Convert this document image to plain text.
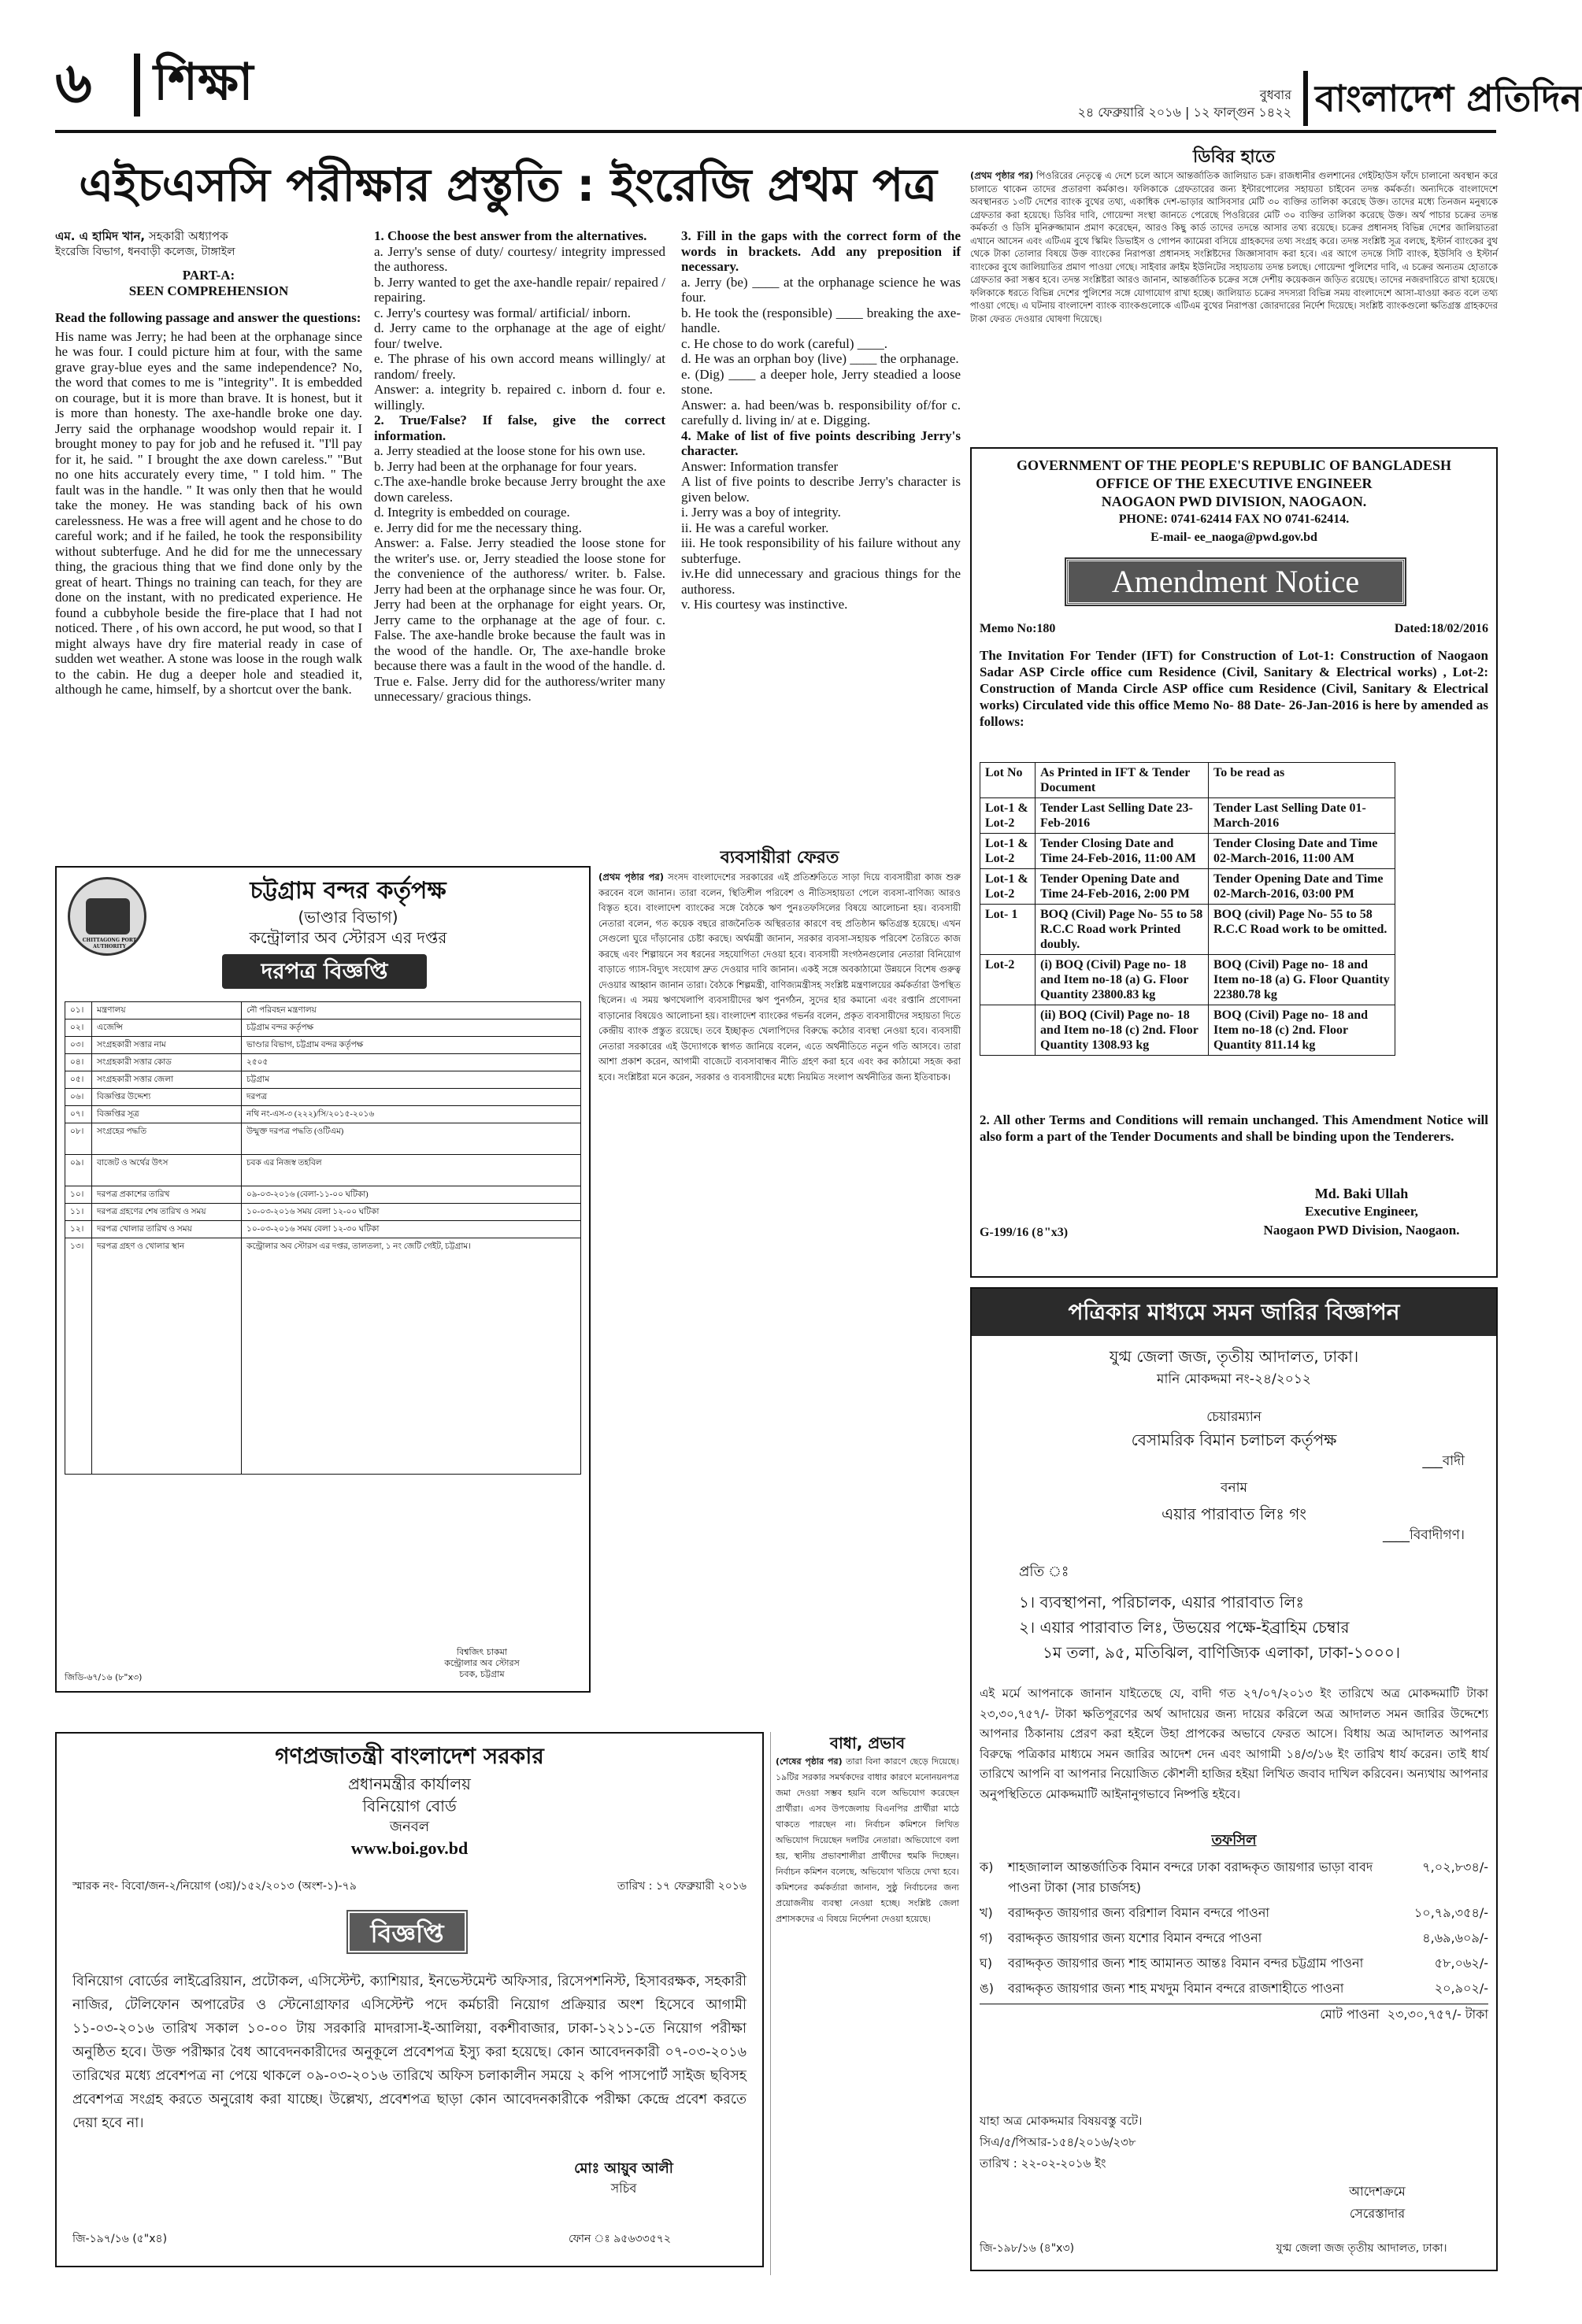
৬ শিক্ষা	বুধবার
২৪ ফেব্রুয়ারি ২০১৬ | ১২ ফাল্গুন ১৪২২ বাংলাদেশ প্রতিদিন
এইচএসসি পরীক্ষার প্রস্তুতি : ইংরেজি প্রথম পত্র
এম. এ হামিদ খান, সহকারী অধ্যাপক
ইংরেজি বিভাগ, ধনবাড়ী কলেজ, টাঙ্গাইল
PART-A:
SEEN COMPREHENSION
Read the following passage and answer the questions:
His name was Jerry; he had been at the orphanage since he was four. I could picture him at four, with the same grave gray-blue eyes and the same independence? No, the word that comes to me is "integrity". It is embedded on courage, but it is more than brave. It is honest, but it is more than honesty. The axe-handle broke one day. Jerry said the orphanage woodshop would repair it. I brought money to pay for job and he refused it. "I'll pay for it, he said. " I brought the axe down careless." "But no one hits accurately every time, " I told him. " The fault was in the handle. " It was only then that he would take the money. He was standing back of his own carelessness. He was a free will agent and he chose to do careful work; and if he failed, he took the responsibility without subterfuge. And he did for me the unnecessary thing, the gracious thing that we find done only by the great of heart. Things no training can teach, for they are done on the instant, with no predicated experience. He found a cubbyhole beside the fire-place that I had not noticed. There , of his own accord, he put wood, so that I might always have dry fire material ready in case of sudden wet weather. A stone was loose in the rough walk to the cabin. He dug a deeper hole and steadied it, although he came, himself, by a shortcut over the bank.
1. Choose the best answer from the alternatives.
a. Jerry's sense of duty/ courtesy/ integrity impressed the authoress.
b. Jerry wanted to get the axe-handle repair/ repaired / repairing.
c. Jerry's courtesy was formal/ artificial/ inborn.
d. Jerry came to the orphanage at the age of eight/ four/ twelve.
e. The phrase of his own accord means willingly/ at random/ freely.
Answer: a. integrity b. repaired c. inborn d. four e. willingly.
2. True/False? If false, give the correct information.
a. Jerry steadied at the loose stone for his own use.
b. Jerry had been at the orphanage for four years.
c.The axe-handle broke because Jerry brought the axe down careless.
d. Integrity is embedded on courage.
e. Jerry did for me the necessary thing.
Answer: a. False. Jerry steadied the loose stone for the writer's use. or, Jerry steadied the loose stone for the convenience of the authoress/ writer. b. False. Jerry had been at the orphanage since he was four. Or, Jerry had been at the orphanage for eight years. Or, Jerry came to the orphanage at the age of four. c. False. The axe-handle broke because the fault was in the wood of the handle. Or, The axe-handle broke because there was a fault in the wood of the handle. d. True e. False. Jerry did for the authoress/writer many unnecessary/ gracious things.
3. Fill in the gaps with the correct form of the words in brackets. Add any preposition if necessary.
a. Jerry (be) ____ at the orphanage science he was four.
b. He took the (responsible) ____ breaking the axe-handle.
c. He chose to do work (careful) ____.
d. He was an orphan boy (live) ____ the orphanage.
e. (Dig) ____ a deeper hole, Jerry steadied a loose stone.
Answer: a. had been/was b. responsibility of/for c. carefully d. living in/ at e. Digging.
4. Make of list of five points describing Jerry's character.
Answer: Information transfer
A list of five points to describe Jerry's character is given below.
i. Jerry was a boy of integrity.
ii. He was a careful worker.
iii. He took responsibility of his failure without any subterfuge.
iv.He did unnecessary and gracious things for the authoress.
v. His courtesy was instinctive.
ডিবির হাতে
(প্রথম পৃষ্ঠার পর) পিওরিরের নেতৃত্বে এ দেশে চলে আসে আন্তর্জাতিক জালিয়াত চক্র। রাজধানীর গুলশানের গেইটহাউস ফাঁদে চালানো অবস্থান করে চালাতে থাকেন তাদের প্রতারণা কর্মকাণ্ড। ফলিকাকে গ্রেফতারের জন্য ইন্টারপোলের সহায়তা চাইবেন তদন্ত কর্মকর্তা। অন্যদিকে বাংলাদেশে অবস্থানরত ১৩টি দেশের ব্যাংক বুথের তথ্য, একাধিক দেশ-ভাড়ার আসিবসার মেটি ৩০ ব্যক্তির তালিকা করেছে উক্ত। তাদের মধ্যে তিনজন মনুষ্যকে গ্রেফতার করা হয়েছে। ডিবির দাবি, গোয়েন্দা সংস্থা জানতে পেরেছে পিওরিরের মেটি ৩০ ব্যক্তির তালিকা করেছে উক্ত। অর্থ পাচার চক্রের তদন্ত কর্মকর্তা ও ডিসি মুনিরুজ্জামান প্রমাণ করেছেন, আরও কিছু কার্ড তাদের তদন্তে আসার তথ্য রয়েছে। চক্রের প্রধানসহ বিভিন্ন দেশের জালিয়াতরা এখানে আসেন এবং এটিএম বুথে স্কিমিং ডিভাইস ও গোপন ক্যামেরা বসিয়ে গ্রাহকদের তথ্য সংগ্রহ করে। তদন্ত সংশ্লিষ্ট সূত্র বলছে, ইস্টার্ন ব্যাংকের বুথ থেকে টাকা তোলার বিষয়ে উক্ত ব্যাংকের নিরাপত্তা প্রধানসহ সংশ্লিষ্টদের জিজ্ঞাসাবাদ করা হবে। এর আগে তদন্তে সিটি ব্যাংক, ইউসিবি ও ইস্টার্ন ব্যাংকের বুথে জালিয়াতির প্রমাণ পাওয়া গেছে। সাইবার ক্রাইম ইউনিটের সহায়তায় তদন্ত চলছে। গোয়েন্দা পুলিশের দাবি, এ চক্রের অন্যতম হোতাকে গ্রেফতার করা সম্ভব হবে। তদন্ত সংশ্লিষ্টরা আরও জানান, আন্তর্জাতিক চক্রের সঙ্গে দেশীয় কয়েকজন জড়িত রয়েছে। তাদের নজরদারিতে রাখা হয়েছে। ফলিকাকে ধরতে বিভিন্ন দেশের পুলিশের সঙ্গে যোগাযোগ রাখা হচ্ছে। জালিয়াত চক্রের সদস্যরা বিভিন্ন সময় বাংলাদেশে আসা-যাওয়া করত বলে তথ্য পাওয়া গেছে। এ ঘটনায় বাংলাদেশ ব্যাংক ব্যাংকগুলোকে এটিএম বুথের নিরাপত্তা জোরদারের নির্দেশ দিয়েছে। সংশ্লিষ্ট ব্যাংকগুলো ক্ষতিগ্রস্ত গ্রাহকদের টাকা ফেরত দেওয়ার ঘোষণা দিয়েছে।
GOVERNMENT OF THE PEOPLE'S REPUBLIC OF BANGLADESH
OFFICE OF THE EXECUTIVE ENGINEER
NAOGAON PWD DIVISION, NAOGAON.
PHONE: 0741-62414 FAX NO 0741-62414.
E-mail- ee_naoga@pwd.gov.bd
Amendment Notice
Memo No:180	Dated:18/02/2016
The Invitation For Tender (IFT) for Construction of Lot-1: Construction of Naogaon Sadar ASP Circle office cum Residence (Civil, Sanitary & Electrical works) , Lot-2: Construction of Manda Circle ASP office cum Residence (Civil, Sanitary & Electrical works) Circulated vide this office Memo No- 88 Date- 26-Jan-2016 is here by amended as follows:
Lot No	As Printed in IFT & Tender Document	To be read as
Lot-1 & Lot-2	Tender Last Selling Date 23-Feb-2016	Tender Last Selling Date 01-March-2016
Lot-1 & Lot-2	Tender Closing Date and Time 24-Feb-2016, 11:00 AM	Tender Closing Date and Time 02-March-2016, 11:00 AM
Lot-1 & Lot-2	Tender Opening Date and Time 24-Feb-2016, 2:00 PM	Tender Opening Date and Time 02-March-2016, 03:00 PM
Lot- 1	BOQ (Civil) Page No- 55 to 58 R.C.C Road work Printed doubly.	BOQ (civil) Page No- 55 to 58 R.C.C Road work to be omitted.
Lot-2	(i) BOQ (Civil) Page no- 18 and Item no-18 (a) G. Floor Quantity 23800.83 kg	BOQ (Civil) Page no- 18 and Item no-18 (a) G. Floor Quantity 22380.78 kg
	(ii) BOQ (Civil) Page no- 18 and Item no-18 (c) 2nd. Floor Quantity 1308.93 kg	BOQ (Civil) Page no- 18 and Item no-18 (c) 2nd. Floor Quantity 811.14 kg
2. All other Terms and Conditions will remain unchanged. This Amendment Notice will also form a part of the Tender Documents and shall be binding upon the Tenderers.
Md. Baki Ullah
Executive Engineer,
Naogaon PWD Division, Naogaon.
G-199/16 (৪"x3)
CHITTAGONG PORT AUTHORITY
চট্টগ্রাম বন্দর কর্তৃপক্ষ
(ভাণ্ডার বিভাগ)
কন্ট্রোলার অব স্টোরস এর দপ্তর
দরপত্র বিজ্ঞপ্তি
০১।	মন্ত্রণালয়	নৌ পরিবহন মন্ত্রণালয়
০২।	এজেন্সি	চট্টগ্রাম বন্দর কর্তৃপক্ষ
০৩।	সংগ্রহকারী সত্তার নাম	ভাণ্ডার বিভাগ, চট্টগ্রাম বন্দর কর্তৃপক্ষ
০৪।	সংগ্রহকারী সত্তার কোড	২৫০৫
০৫।	সংগ্রহকারী সত্তার জেলা	চট্টগ্রাম
০৬।	বিজ্ঞপ্তির উদ্দেশ্য	দরপত্র
০৭।	বিজ্ঞপ্তির সূত্র	নথি নং-এস-৩ (২২২)/সি/২০১৫-২০১৬
০৮।	সংগ্রহের পদ্ধতি	উন্মুক্ত দরপত্র পদ্ধতি (ওটিএম)
০৯।	বাজেট ও অর্থের উৎস	চবক এর নিজস্ব তহবিল
১০।	দরপত্র প্রকাশের তারিখ	০৯-০৩-২০১৬ (বেলা-১১-০০ ঘটিকা)
১১।	দরপত্র গ্রহণের শেষ তারিখ ও সময়	১০-০৩-২০১৬ সময় বেলা ১২-০০ ঘটিকা
১২।	দরপত্র খোলার তারিখ ও সময়	১০-০৩-২০১৬ সময় বেলা ১২-৩০ ঘটিকা
১৩।	দরপত্র গ্রহণ ও খোলার স্থান	কন্ট্রোলার অব স্টোরস এর দপ্তর, তালতলা, ১ নং জেটি গেইট, চট্টগ্রাম।
বিশ্বজিৎ চাকমা
কন্ট্রোলার অব স্টোরস
চবক, চট্টগ্রাম
জিডি-৬৭/১৬ (৮"x৩)
ব্যবসায়ীরা ফেরত
(প্রথম পৃষ্ঠার পর) সংসদ বাংলাদেশের সরকারের এই প্রতিশ্রুতিতে সাড়া দিয়ে ব্যবসায়ীরা কাজ শুরু করবেন বলে জানান। তারা বলেন, স্থিতিশীল পরিবেশ ও নীতিসহায়তা পেলে ব্যবসা-বাণিজ্য আরও বিস্তৃত হবে। বাংলাদেশ ব্যাংকের সঙ্গে বৈঠকে ঋণ পুনঃতফসিলের বিষয়ে আলোচনা হয়। ব্যবসায়ী নেতারা বলেন, গত কয়েক বছরে রাজনৈতিক অস্থিরতার কারণে বহু প্রতিষ্ঠান ক্ষতিগ্রস্ত হয়েছে। এখন সেগুলো ঘুরে দাঁড়ানোর চেষ্টা করছে। অর্থমন্ত্রী জানান, সরকার ব্যবসা-সহায়ক পরিবেশ তৈরিতে কাজ করছে এবং শিল্পায়নে সব ধরনের সহযোগিতা দেওয়া হবে। ব্যবসায়ী সংগঠনগুলোর নেতারা বিনিয়োগ বাড়াতে গ্যাস-বিদ্যুৎ সংযোগ দ্রুত দেওয়ার দাবি জানান। একই সঙ্গে অবকাঠামো উন্নয়নে বিশেষ গুরুত্ব দেওয়ার আহ্বান জানান তারা। বৈঠকে শিল্পমন্ত্রী, বাণিজ্যমন্ত্রীসহ সংশ্লিষ্ট মন্ত্রণালয়ের কর্মকর্তারা উপস্থিত ছিলেন। এ সময় ঋণখেলাপি ব্যবসায়ীদের ঋণ পুনর্গঠন, সুদের হার কমানো এবং রপ্তানি প্রণোদনা বাড়ানোর বিষয়েও আলোচনা হয়। বাংলাদেশ ব্যাংকের গভর্নর বলেন, প্রকৃত ব্যবসায়ীদের সহায়তা দিতে কেন্দ্রীয় ব্যাংক প্রস্তুত রয়েছে। তবে ইচ্ছাকৃত খেলাপিদের বিরুদ্ধে কঠোর ব্যবস্থা নেওয়া হবে। ব্যবসায়ী নেতারা সরকারের এই উদ্যোগকে স্বাগত জানিয়ে বলেন, এতে অর্থনীতিতে নতুন গতি আসবে। তারা আশা প্রকাশ করেন, আগামী বাজেটে ব্যবসাবান্ধব নীতি গ্রহণ করা হবে এবং কর কাঠামো সহজ করা হবে। সংশ্লিষ্টরা মনে করেন, সরকার ও ব্যবসায়ীদের মধ্যে নিয়মিত সংলাপ অর্থনীতির জন্য ইতিবাচক।
গণপ্রজাতন্ত্রী বাংলাদেশ সরকার
প্রধানমন্ত্রীর কার্যালয়
বিনিয়োগ বোর্ড
জনবল
www.boi.gov.bd
স্মারক নং- বিবো/জন-২/নিয়োগ (৩য়)/১৫২/২০১৩ (অংশ-১)-৭৯	তারিখ : ১৭ ফেব্রুয়ারী ২০১৬
বিজ্ঞপ্তি
বিনিয়োগ বোর্ডের লাইব্রেরিয়ান, প্রটোকল, এসিস্টেন্ট, ক্যাশিয়ার, ইনভেস্টমেন্ট অফিসার, রিসেপশনিস্ট, হিসাবরক্ষক, সহকারী নাজির, টেলিফোন অপারেটর ও স্টেনোগ্রাফার এসিস্টেন্ট পদে কর্মচারী নিয়োগ প্রক্রিয়ার অংশ হিসেবে আগামী ১১-০৩-২০১৬ তারিখ সকাল ১০-০০ টায় সরকারি মাদরাসা-ই-আলিয়া, বকশীবাজার, ঢাকা-১২১১-তে নিয়োগ পরীক্ষা অনুষ্ঠিত হবে। উক্ত পরীক্ষার বৈধ আবেদনকারীদের অনুকূলে প্রবেশপত্র ইস্যু করা হয়েছে। কোন আবেদনকারী ০৭-০৩-২০১৬ তারিখের মধ্যে প্রবেশপত্র না পেয়ে থাকলে ০৯-০৩-২০১৬ তারিখে অফিস চলাকালীন সময়ে ২ কপি পাসপোর্ট সাইজ ছবিসহ প্রবেশপত্র সংগ্রহ করতে অনুরোধ করা যাচ্ছে। উল্লেখ্য, প্রবেশপত্র ছাড়া কোন আবেদনকারীকে পরীক্ষা কেন্দ্রে প্রবেশ করতে দেয়া হবে না।
মোঃ আয়ুব আলী
সচিব
জি-১৯৭/১৬ (৫"x৪)	ফোন ঃ ৯৫৬৩৩৫৭২
বাধা, প্রভাব
(শেষের পৃষ্ঠার পর) তারা বিনা কারণে ছেড়ে দিয়েছে। ১৯টির সরকার সমর্থকদের বাধার কারণে মনোনয়নপত্র জমা দেওয়া সম্ভব হয়নি বলে অভিযোগ করেছেন প্রার্থীরা। এসব উপজেলায় বিএনপির প্রার্থীরা মাঠে থাকতে পারছেন না। নির্বাচন কমিশনে লিখিত অভিযোগ দিয়েছেন দলটির নেতারা। অভিযোগে বলা হয়, স্থানীয় প্রভাবশালীরা প্রার্থীদের হুমকি দিচ্ছেন। নির্বাচন কমিশন বলেছে, অভিযোগ খতিয়ে দেখা হবে। কমিশনের কর্মকর্তারা জানান, সুষ্ঠু নির্বাচনের জন্য প্রয়োজনীয় ব্যবস্থা নেওয়া হচ্ছে। সংশ্লিষ্ট জেলা প্রশাসকদের এ বিষয়ে নির্দেশনা দেওয়া হয়েছে।
পত্রিকার মাধ্যমে সমন জারির বিজ্ঞাপন
যুগ্ম জেলা জজ, তৃতীয় আদালত, ঢাকা।
মানি মোকদ্দমা নং-২৪/২০১২
চেয়ারম্যান
বেসামরিক বিমান চলাচল কর্তৃপক্ষ
___বাদী
বনাম
এয়ার পারাবাত লিঃ গং
____বিবাদীগণ।
প্রতি ঃ
১। ব্যবস্থাপনা, পরিচালক, এয়ার পারাবাত লিঃ
২। এয়ার পারাবাত লিঃ, উভয়ের পক্ষে-ইব্রাহিম চেম্বার
১ম তলা, ৯৫, মতিঝিল, বাণিজ্যিক এলাকা, ঢাকা-১০০০।
এই মর্মে আপনাকে জানান যাইতেছে যে, বাদী গত ২৭/০৭/২০১৩ ইং তারিখে অত্র মোকদ্দমাটি টাকা ২৩,৩০,৭৫৭/- টাকা ক্ষতিপূরণের অর্থ আদায়ের জন্য দায়ের করিলে অত্র আদালত সমন জারির উদ্দেশ্যে আপনার ঠিকানায় প্রেরণ করা হইলে উহা প্রাপকের অভাবে ফেরত আসে। বিধায় অত্র আদালত আপনার বিরুদ্ধে পত্রিকার মাধ্যমে সমন জারির আদেশ দেন এবং আগামী ১৪/৩/১৬ ইং তারিখ ধার্য করেন। তাই ধার্য তারিখে আপনি বা আপনার নিয়োজিত কৌশলী হাজির হইয়া লিখিত জবাব দাখিল করিবেন। অন্যথায় আপনার অনুপস্থিতিতে মোকদ্দমাটি আইনানুগভাবে নিষ্পত্তি হইবে।
তফসিল
ক)	শাহজালাল আন্তর্জাতিক বিমান বন্দরে ঢাকা বরাদ্দকৃত জায়গার ভাড়া বাবদ পাওনা টাকা (সার চার্জসহ)
৭,০২,৮৩৪/-
খ)	বরাদ্দকৃত জায়গার জন্য বরিশাল বিমান বন্দরে পাওনা	১০,৭৯,৩৫৪/-
গ)	বরাদ্দকৃত জায়গার জন্য যশোর বিমান বন্দরে পাওনা	৪,৬৯,৬০৯/-
ঘ)	বরাদ্দকৃত জায়গার জন্য শাহ আমানত আন্তঃ বিমান বন্দর চট্টগ্রাম পাওনা	৫৮,০৬২/-
ঙ)	বরাদ্দকৃত জায়গার জন্য শাহ মখদুম বিমান বন্দরে রাজশাহীতে পাওনা	২০,৯০২/-
মোট পাওনা ২৩,৩০,৭৫৭/- টাকা
যাহা অত্র মোকদ্দমার বিষয়বস্তু বটে।
সিএ/৫/পিআর-১৫৪/২০১৬/২৩৮
তারিখ : ২২-০২-২০১৬ ইং
আদেশক্রমে
সেরেস্তাদার
যুগ্ম জেলা জজ তৃতীয় আদালত, ঢাকা।
জি-১৯৮/১৬ (৪"x৩)
